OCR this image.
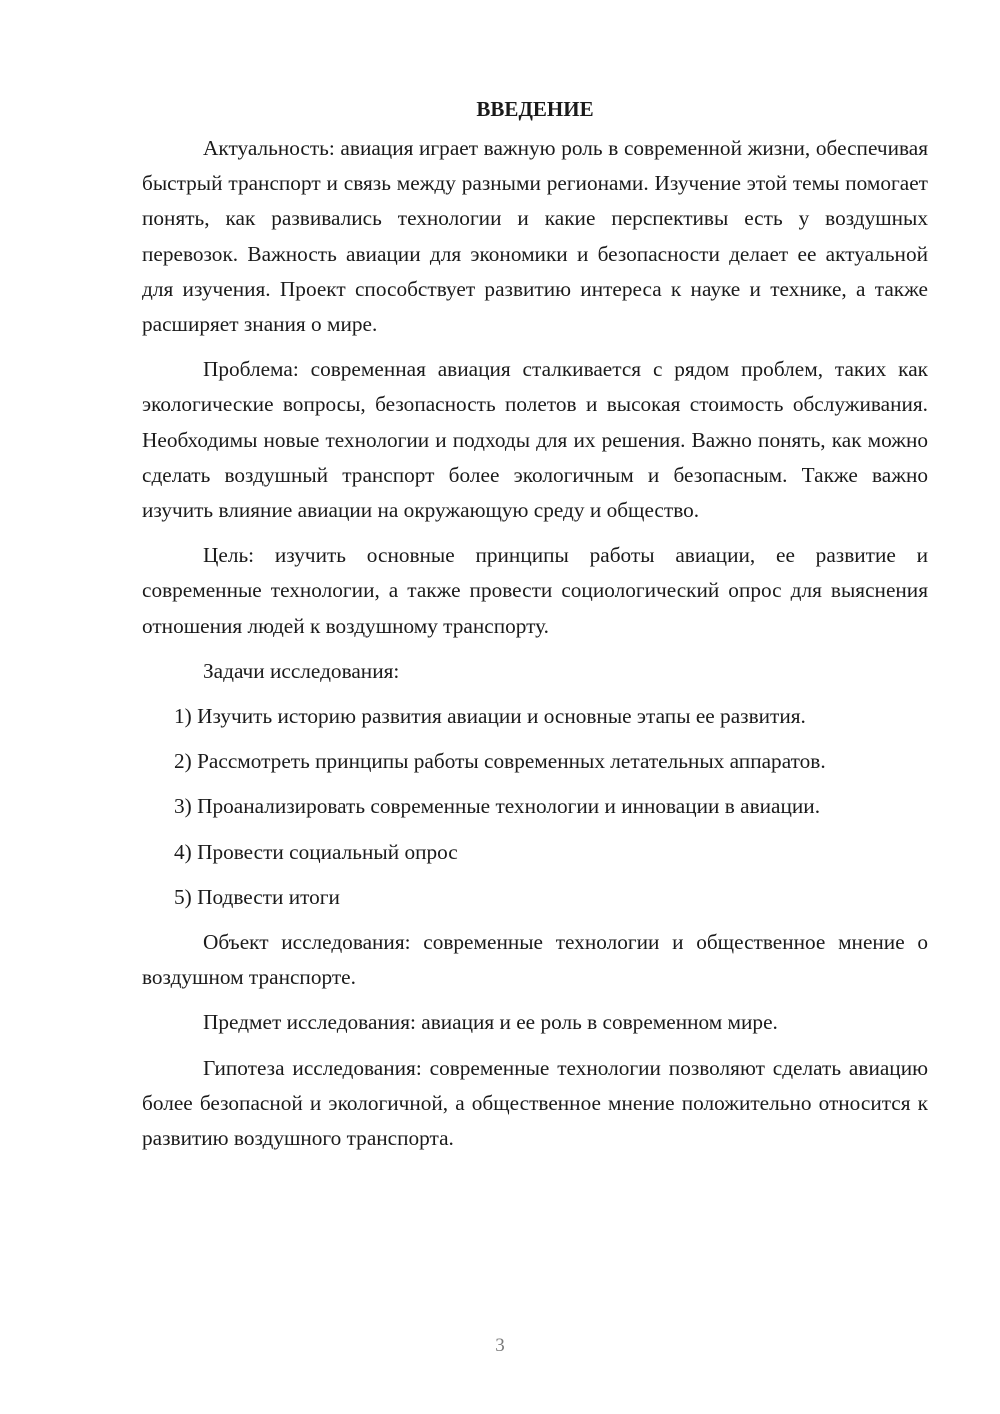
ВВЕДЕНИЕ

Актуальность: авиация играет важную роль в современной жизни, обеспечивая быстрый транспорт и связь между разными регионами. Изучение этой темы помогает понять, как развивались технологии и какие перспективы есть у воздушных перевозок. Важность авиации для экономики и безопасности делает ее актуальной для изучения. Проект способствует развитию интереса к науке и технике, а также расширяет знания о мире.

Проблема: современная авиация сталкивается с рядом проблем, таких как экологические вопросы, безопасность полетов и высокая стоимость обслуживания. Необходимы новые технологии и подходы для их решения. Важно понять, как можно сделать воздушный транспорт более экологичным и безопасным. Также важно изучить влияние авиации на окружающую среду и общество.

Цель: изучить основные принципы работы авиации, ее развитие и современные технологии, а также провести социологический опрос для выяснения отношения людей к воздушному транспорту.

Задачи исследования:

1) Изучить историю развития авиации и основные этапы ее развития.

2) Рассмотреть принципы работы современных летательных аппаратов.

3) Проанализировать современные технологии и инновации в авиации.

4) Провести социальный опрос

5) Подвести итоги

Объект исследования: современные технологии и общественное мнение о воздушном транспорте.

Предмет исследования: авиация и ее роль в современном мире.

Гипотеза исследования: современные технологии позволяют сделать авиацию более безопасной и экологичной, а общественное мнение положительно относится к развитию воздушного транспорта.

3
